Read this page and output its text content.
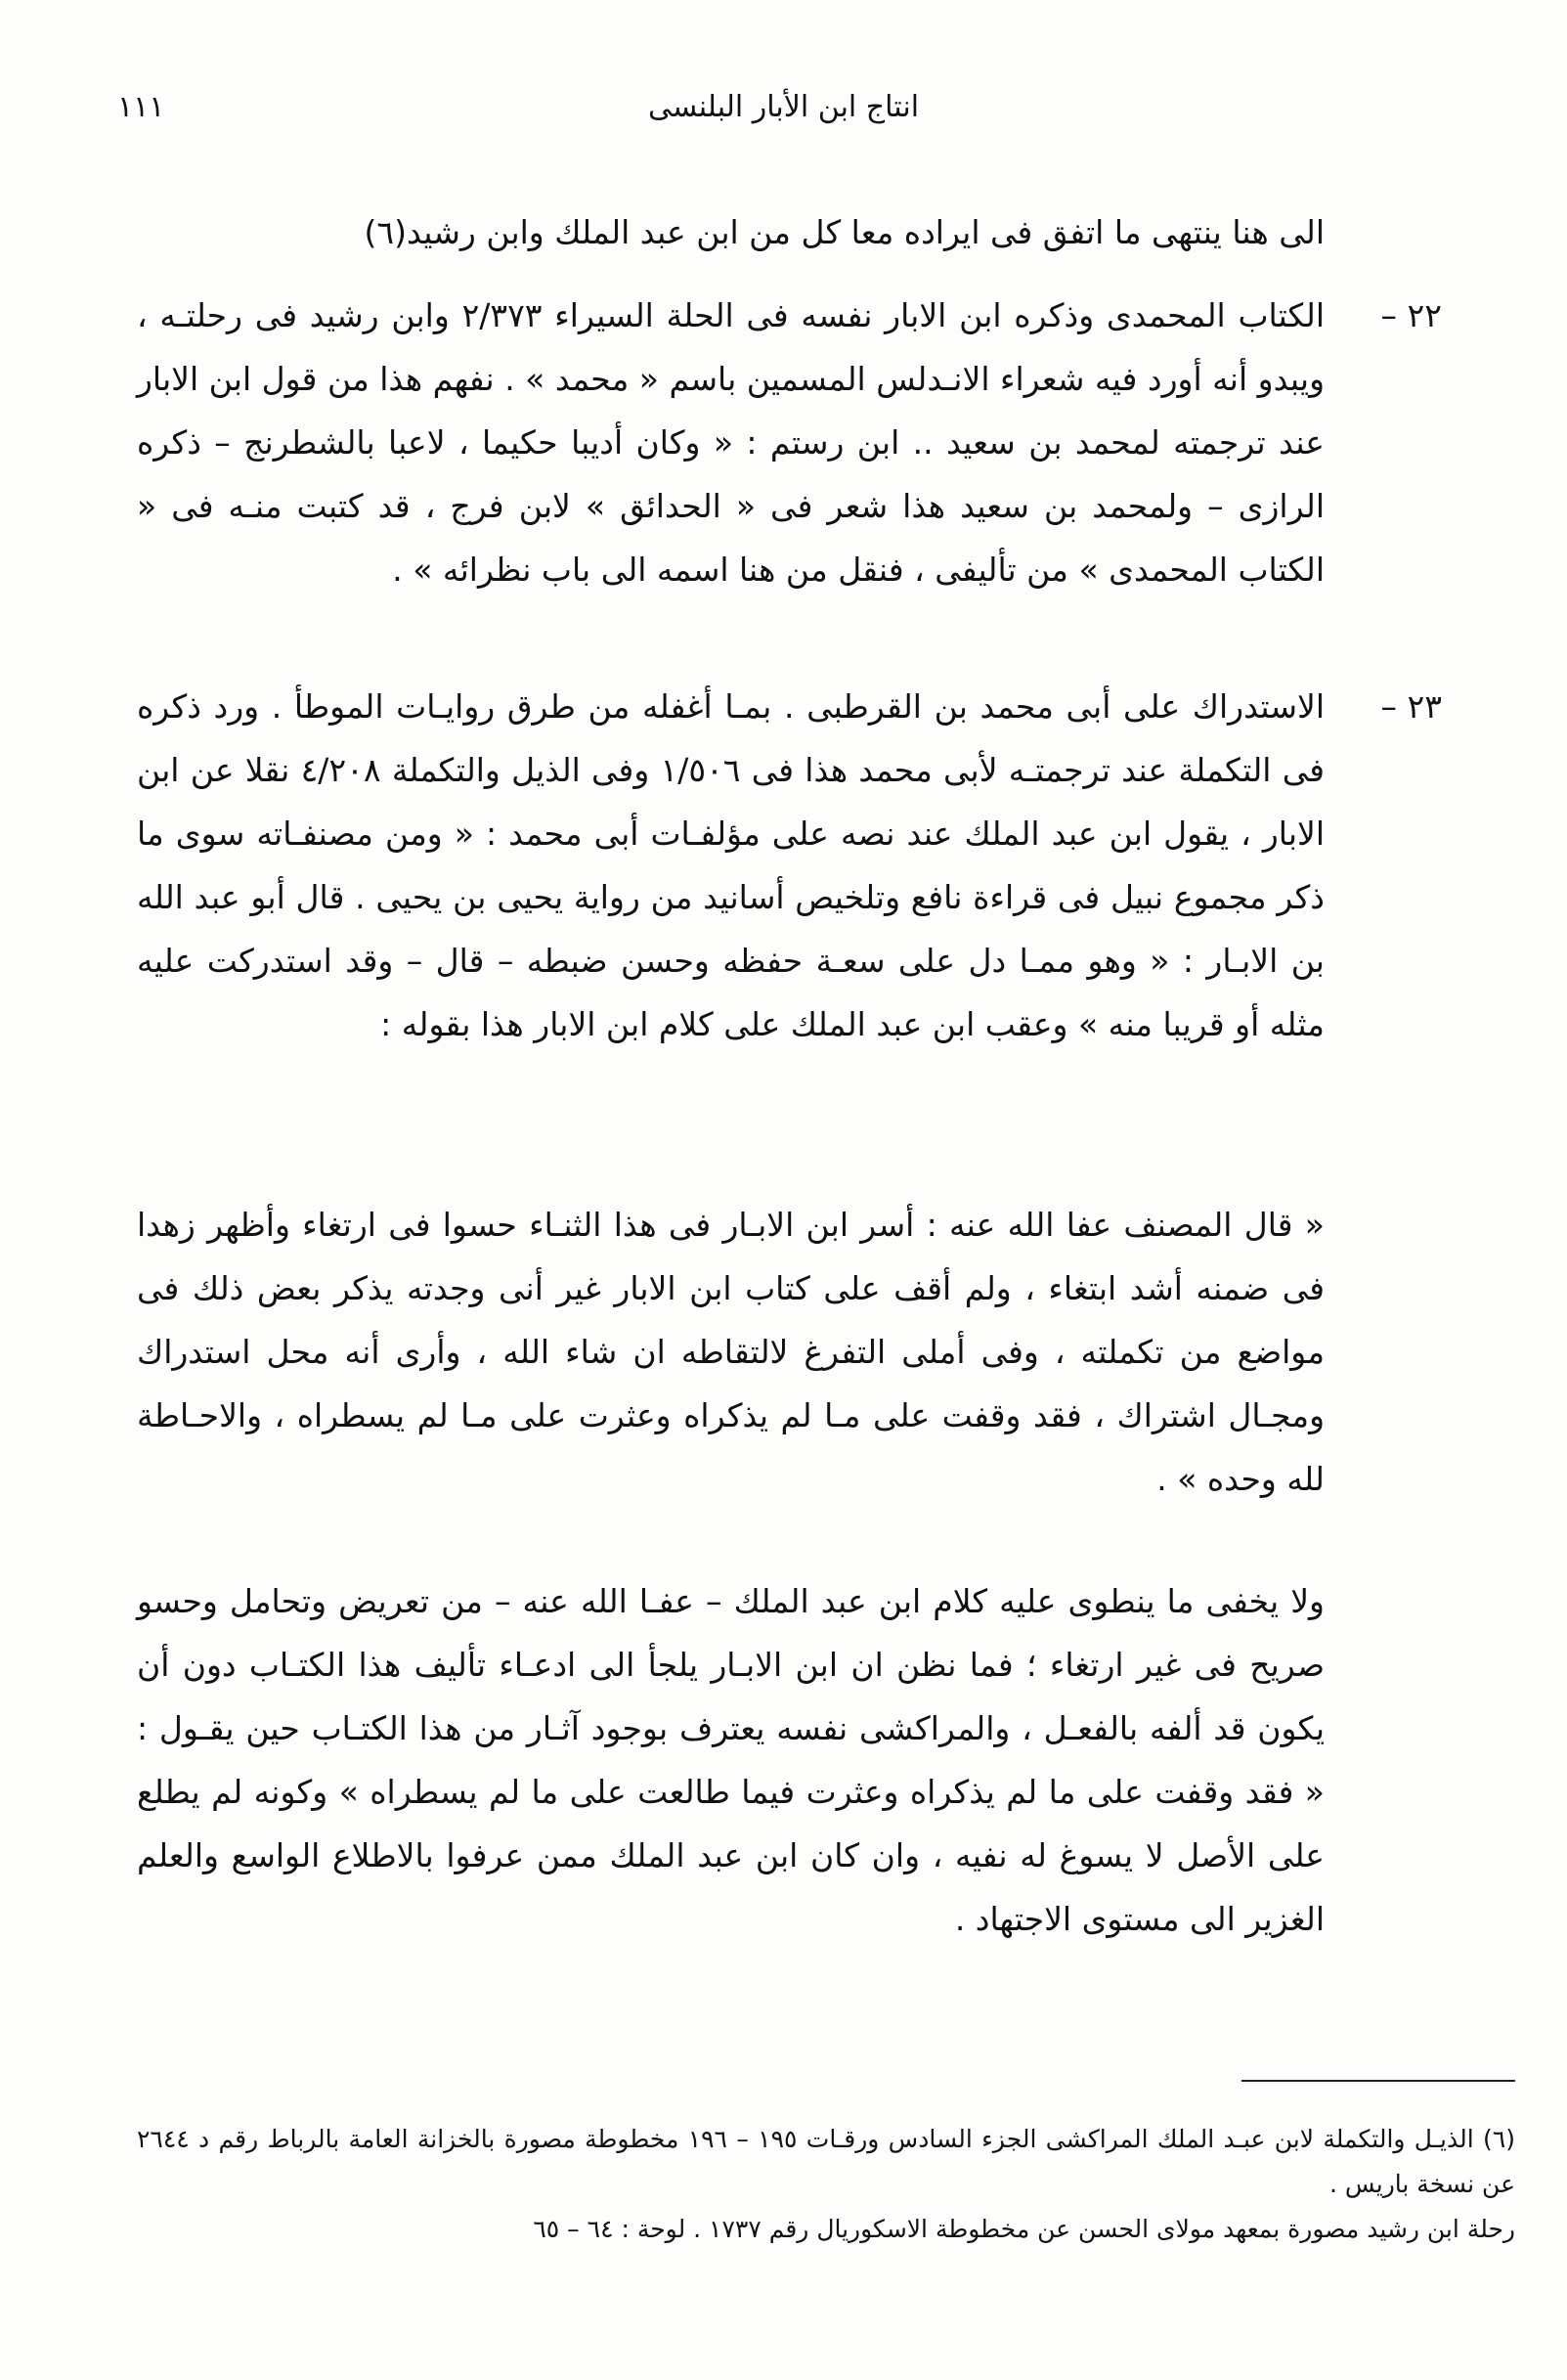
١١١	انتاج ابن الأبار البلنسى
الى هنا ينتهى ما اتفق فى ايراده معا كل من ابن عبد الملك وابن رشيد(٦)
٢٢ –
الكتاب المحمدى وذكره ابن الابار نفسه فى الحلة السيراء ٢/٣٧٣ وابن رشيد فى رحلتـه ، ويبدو أنه أورد فيه شعراء الانـدلس المسمين باسم « محمد » . نفهم هذا من قول ابن الابار عند ترجمته لمحمد بن سعيد .. ابن رستم : « وكان أديبا حكيما ، لاعبا بالشطرنج – ذكره الرازى – ولمحمد بن سعيد هذا شعر فى « الحدائق » لابن فرج ، قد كتبت منـه فى « الكتاب المحمدى » من تأليفى ، فنقل من هنا اسمه الى باب نظرائه » .
٢٣ –
الاستدراك على أبى محمد بن القرطبى . بمـا أغفله من طرق روايـات الموطأ . ورد ذكره فى التكملة عند ترجمتـه لأبى محمد هذا فى ١/٥٠٦ وفى الذيل والتكملة ٤/٢٠٨ نقلا عن ابن الابار ، يقول ابن عبد الملك عند نصه على مؤلفـات أبى محمد : « ومن مصنفـاته سوى ما ذكر مجموع نبيل فى قراءة نافع وتلخيص أسانيد من رواية يحيى بن يحيى . قال أبو عبد الله بن الابـار : « وهو ممـا دل على سعـة حفظه وحسن ضبطه – قال – وقد استدركت عليه مثله أو قريبا منه » وعقب ابن عبد الملك على كلام ابن الابار هذا بقوله :
« قال المصنف عفا الله عنه : أسر ابن الابـار فى هذا الثنـاء حسوا فى ارتغاء وأظهر زهدا فى ضمنه أشد ابتغاء ، ولم أقف على كتاب ابن الابار غير أنى وجدته يذكر بعض ذلك فى مواضع من تكملته ، وفى أملى التفرغ لالتقاطه ان شاء الله ، وأرى أنه محل استدراك ومجـال اشتراك ، فقد وقفت على مـا لم يذكراه وعثرت على مـا لم يسطراه ، والاحـاطة لله وحده » .
ولا يخفى ما ينطوى عليه كلام ابن عبد الملك – عفـا الله عنه – من تعريض وتحامل وحسو صريح فى غير ارتغاء ؛ فما نظن ان ابن الابـار يلجأ الى ادعـاء تأليف هذا الكتـاب دون أن يكون قد ألفه بالفعـل ، والمراكشى نفسه يعترف بوجود آثـار من هذا الكتـاب حين يقـول : « فقد وقفت على ما لم يذكراه وعثرت فيما طالعت على ما لم يسطراه » وكونه لم يطلع على الأصل لا يسوغ له نفيه ، وان كان ابن عبد الملك ممن عرفوا بالاطلاع الواسع والعلم الغزير الى مستوى الاجتهاد .

(٦) الذيـل والتكملة لابن عبـد الملك المراكشى الجزء السادس ورقـات ١٩٥ – ١٩٦ مخطوطة مصورة بالخزانة العامة بالرباط رقم د ٢٦٤٤ عن نسخة باريس .

رحلة ابن رشيد مصورة بمعهد مولاى الحسن عن مخطوطة الاسكوريال رقم ١٧٣٧ . لوحة : ٦٤ – ٦٥
